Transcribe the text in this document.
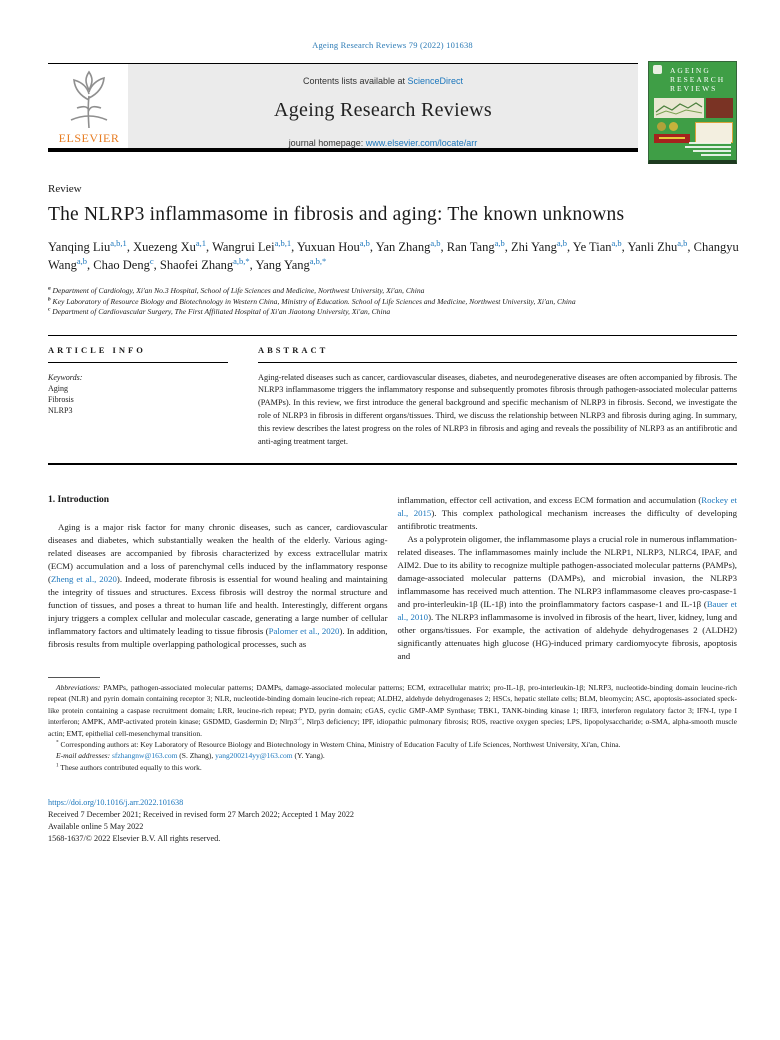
Ageing Research Reviews 79 (2022) 101638
ELSEVIER
Contents lists available at ScienceDirect
Ageing Research Reviews
journal homepage: www.elsevier.com/locate/arr
AGEING
RESEARCH
REVIEWS
Review
The NLRP3 inflammasome in fibrosis and aging: The known unknowns
Yanqing Liu$^{a,b,1}$, Xuezeng Xu$^{a,1}$, Wangrui Lei$^{a,b,1}$, Yuxuan Hou$^{a,b}$, Yan Zhang$^{a,b}$, Ran Tang$^{a,b}$, Zhi Yang$^{a,b}$, Ye Tian$^{a,b}$, Yanli Zhu$^{a,b}$, Changyu Wang$^{a,b}$, Chao Deng$^c$, Shaofei Zhang$^{a,b,*}$, Yang Yang$^{a,b,*}$
$^a$ Department of Cardiology, Xi'an No.3 Hospital, School of Life Sciences and Medicine, Northwest University, Xi'an, China
$^b$ Key Laboratory of Resource Biology and Biotechnology in Western China, Ministry of Education. School of Life Sciences and Medicine, Northwest University, Xi'an, China
$^c$ Department of Cardiovascular Surgery, The First Affiliated Hospital of Xi'an Jiaotong University, Xi'an, China
ARTICLE INFO
Keywords:
Aging
Fibrosis
NLRP3
ABSTRACT
Aging-related diseases such as cancer, cardiovascular diseases, diabetes, and neurodegenerative diseases are often accompanied by fibrosis. The NLRP3 inflammasome triggers the inflammatory response and subsequently promotes fibrosis through pathogen-associated molecular patterns (PAMPs). In this review, we first introduce the general background and specific mechanism of NLRP3 in fibrosis. Second, we investigate the role of NLRP3 in fibrosis in different organs/tissues. Third, we discuss the relationship between NLRP3 and fibrosis during aging. In summary, this review describes the latest progress on the roles of NLRP3 in fibrosis and aging and reveals the possibility of NLRP3 as an antifibrotic and anti-aging treatment target.
1. Introduction

Aging is a major risk factor for many chronic diseases, such as cancer, cardiovascular diseases and diabetes, which substantially weaken the health of the elderly. Various aging-related diseases are accompanied by fibrosis characterized by excess extracellular matrix (ECM) accumulation and a loss of parenchymal cells induced by the inflammatory response (Zheng et al., 2020). Indeed, moderate fibrosis is essential for wound healing and maintaining the integrity of tissues and structures. Excess fibrosis will destroy the normal structure and function of tissues, and poses a threat to human life and health. Interestingly, different organs injury triggers a complex cellular and molecular cascade, generating a large number of cellular inflammatory factors and ultimately leading to tissue fibrosis (Palomer et al., 2020). In addition, fibrosis results from multiple overlapping pathological processes, such as

inflammation, effector cell activation, and excess ECM formation and accumulation (Rockey et al., 2015). This complex pathological mechanism increases the difficulty of developing antifibrotic treatments.

As a polyprotein oligomer, the inflammasome plays a crucial role in numerous inflammation-related diseases. The inflammasomes mainly include the NLRP1, NLRP3, NLRC4, IPAF, and AIM2. Due to its ability to recognize multiple pathogen-associated molecular patterns (PAMPs), damage-associated molecular patterns (DAMPs), and microbial invasion, the NLRP3 inflammasome has received much attention. The NLRP3 inflammasome cleaves pro-caspase-1 and pro-interleukin-1β (IL-1β) into the proinflammatory factors caspase-1 and IL-1β (Bauer et al., 2010). The NLRP3 inflammasome is involved in fibrosis of the heart, liver, kidney, lung and other organs/tissues. For example, the activation of aldehyde dehydrogenases 2 (ALDH2) significantly attenuates high glucose (HG)-induced primary cardiomyocyte fibrosis, apoptosis and

Abbreviations: PAMPs, pathogen-associated molecular patterns; DAMPs, damage-associated molecular patterns; ECM, extracellular matrix; pro-IL-1β, pro-interleukin-1β; NLRP3, nucleotide-binding domain leucine-rich repeat (NLR) and pyrin domain containing receptor 3; NLR, nucleotide-binding domain leucine-rich repeat; ALDH2, aldehyde dehydrogenases 2; HSCs, hepatic stellate cells; BLM, bleomycin; ASC, apoptosis-associated speck-like protein containing a caspase recruitment domain; LRR, leucine-rich repeat; PYD, pyrin domain; cGAS, cyclic GMP-AMP Synthase; TBK1, TANK-binding kinase 1; IRF3, interferon regulatory factor 3; IFN-I, type I interferon; AMPK, AMP-activated protein kinase; GSDMD, Gasdermin D; Nlrp3-/-, Nlrp3 deficiency; IPF, idiopathic pulmonary fibrosis; ROS, reactive oxygen species; LPS, lipopolysaccharide; α-SMA, alpha-smooth muscle actin; EMT, epithelial cell-mesenchymal transition.
* Corresponding authors at: Key Laboratory of Resource Biology and Biotechnology in Western China, Ministry of Education Faculty of Life Sciences, Northwest University, Xi'an, China.
E-mail addresses: sfzhangnw@163.com (S. Zhang), yang200214yy@163.com (Y. Yang).
$^1$ These authors contributed equally to this work.
https://doi.org/10.1016/j.arr.2022.101638
Received 7 December 2021; Received in revised form 27 March 2022; Accepted 1 May 2022
Available online 5 May 2022
1568-1637/© 2022 Elsevier B.V. All rights reserved.
